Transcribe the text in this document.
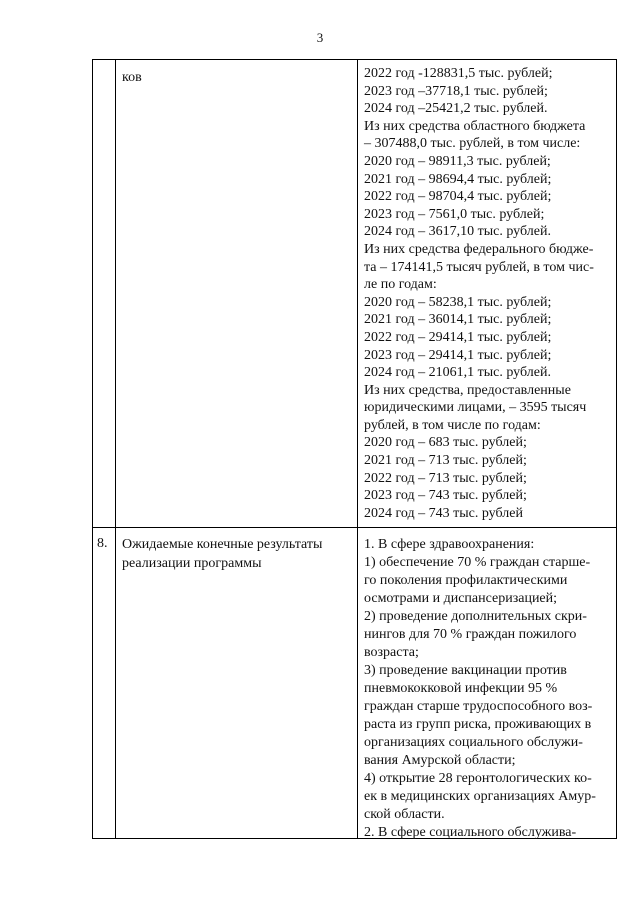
3
ков	2022 год -128831,5 тыс. рублей;
2023 год –37718,1 тыс. рублей;
2024 год –25421,2 тыс. рублей.
Из них средства областного бюджета
– 307488,0 тыс. рублей, в том числе:
2020 год – 98911,3 тыс. рублей;
2021 год – 98694,4 тыс. рублей;
2022 год – 98704,4 тыс. рублей;
2023 год – 7561,0 тыс. рублей;
2024 год – 3617,10 тыс. рублей.
Из них средства федерального бюдже-
та – 174141,5 тысяч рублей, в том чис-
ле по годам:
2020 год – 58238,1 тыс. рублей;
2021 год – 36014,1 тыс. рублей;
2022 год – 29414,1 тыс. рублей;
2023 год – 29414,1 тыс. рублей;
2024 год – 21061,1 тыс. рублей.
Из них средства, предоставленные
юридическими лицами, – 3595 тысяч
рублей, в том числе по годам:
2020 год – 683 тыс. рублей;
2021 год – 713 тыс. рублей;
2022 год – 713 тыс. рублей;
2023 год – 743 тыс. рублей;
2024 год – 743 тыс. рублей
8.	Ожидаемые конечные результаты реализации программы
1. В сфере здравоохранения:
1) обеспечение 70 % граждан старше-
го поколения профилактическими
осмотрами и диспансеризацией;
2) проведение дополнительных скри-
нингов для 70 % граждан пожилого
возраста;
3) проведение вакцинации против
пневмококковой инфекции 95 %
граждан старше трудоспособного воз-
раста из групп риска, проживающих в
организациях социального обслужи-
вания Амурской области;
4) открытие 28 геронтологических ко-
ек в медицинских организациях Амур-
ской области.
2. В сфере социального обслужива-
